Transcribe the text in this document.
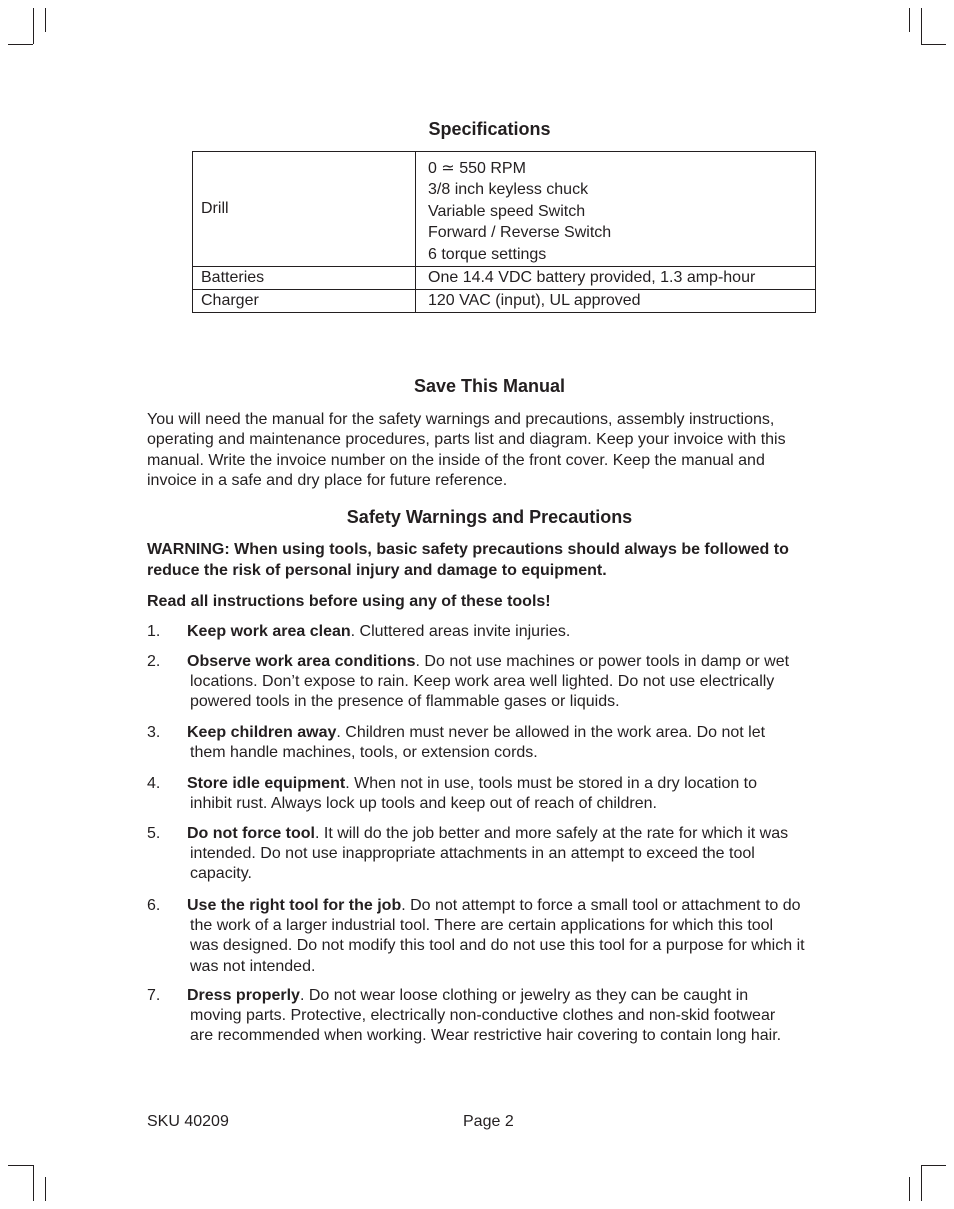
Specifications
Drill	0 ≃ 550 RPM
3/8 inch keyless chuck
Variable speed Switch
Forward / Reverse Switch
6 torque settings

Batteries	One 14.4 VDC battery provided, 1.3 amp-hour
Charger	120 VAC (input), UL approved
Save This Manual
You will need the manual for the safety warnings and precautions, assembly instructions,
operating and maintenance procedures, parts list and diagram. Keep your invoice with this
manual. Write the invoice number on the inside of the front cover. Keep the manual and
invoice in a safe and dry place for future reference.
Safety Warnings and Precautions
WARNING: When using tools, basic safety precautions should always be followed to
reduce the risk of personal injury and damage to equipment.
Read all instructions before using any of these tools!
1. Keep work area clean. Cluttered areas invite injuries.
2. Observe work area conditions. Do not use machines or power tools in damp or wet
locations. Don’t expose to rain. Keep work area well lighted. Do not use electrically
powered tools in the presence of flammable gases or liquids.
3. Keep children away. Children must never be allowed in the work area. Do not let
them handle machines, tools, or extension cords.
4. Store idle equipment. When not in use, tools must be stored in a dry location to
inhibit rust. Always lock up tools and keep out of reach of children.
5. Do not force tool. It will do the job better and more safely at the rate for which it was
intended. Do not use inappropriate attachments in an attempt to exceed the tool
capacity.
6. Use the right tool for the job. Do not attempt to force a small tool or attachment to do
the work of a larger industrial tool. There are certain applications for which this tool
was designed. Do not modify this tool and do not use this tool for a purpose for which it
was not intended.
7. Dress properly. Do not wear loose clothing or jewelry as they can be caught in
moving parts. Protective, electrically non-conductive clothes and non-skid footwear
are recommended when working. Wear restrictive hair covering to contain long hair.
SKU 40209	Page 2
